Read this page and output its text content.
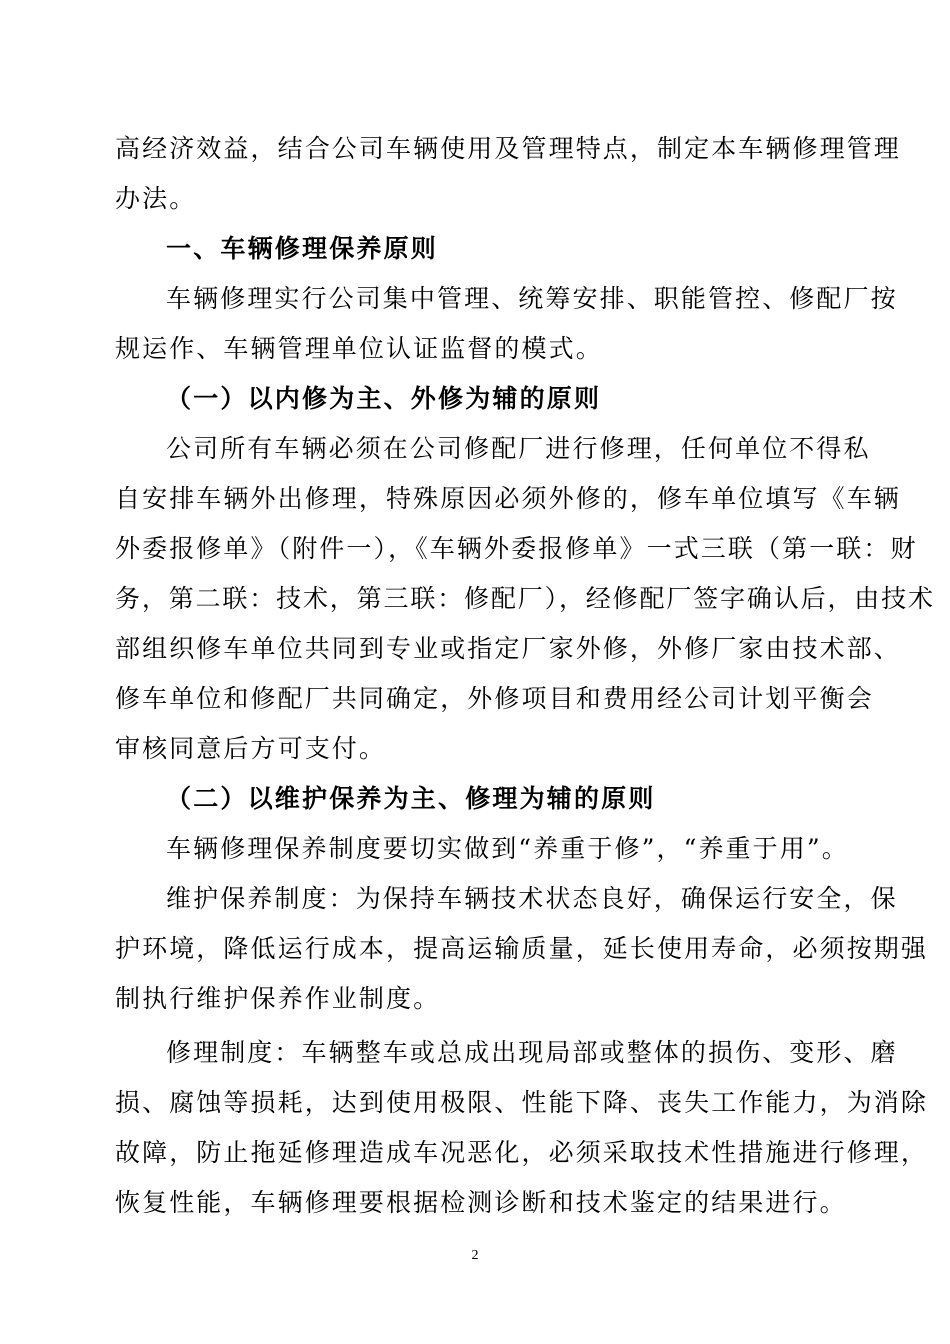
高经济效益，结合公司车辆使用及管理特点，制定本车辆修理管理
办法。
一、车辆修理保养原则
车辆修理实行公司集中管理、统筹安排、职能管控、修配厂按
规运作、车辆管理单位认证监督的模式。
（一）以内修为主、外修为辅的原则
公司所有车辆必须在公司修配厂进行修理，任何单位不得私
自安排车辆外出修理，特殊原因必须外修的，修车单位填写《车辆
外委报修单》（附件一），《车辆外委报修单》一式三联（第一联：财
务，第二联：技术，第三联：修配厂），经修配厂签字确认后，由技术
部组织修车单位共同到专业或指定厂家外修，外修厂家由技术部、
修车单位和修配厂共同确定，外修项目和费用经公司计划平衡会
审核同意后方可支付。
（二）以维护保养为主、修理为辅的原则
车辆修理保养制度要切实做到“养重于修”，“养重于用”。
维护保养制度：为保持车辆技术状态良好，确保运行安全，保
护环境，降低运行成本，提高运输质量，延长使用寿命，必须按期强
制执行维护保养作业制度。
修理制度：车辆整车或总成出现局部或整体的损伤、变形、磨
损、腐蚀等损耗，达到使用极限、性能下降、丧失工作能力，为消除
故障，防止拖延修理造成车况恶化，必须采取技术性措施进行修理，
恢复性能，车辆修理要根据检测诊断和技术鉴定的结果进行。
2
